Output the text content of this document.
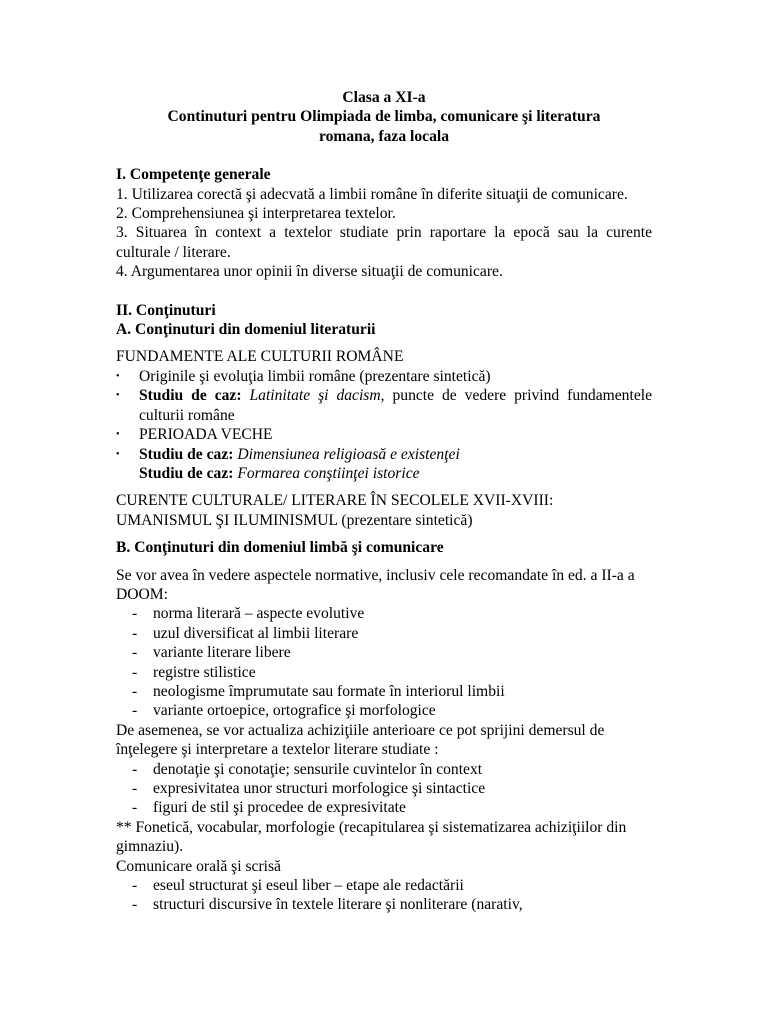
Clasa a XI-a

Continuturi pentru Olimpiada de limba, comunicare şi literatura

romana, faza locala

I. Competenţe generale

1. Utilizarea corectă şi adecvată a limbii române în diferite situaţii de comunicare.

2. Comprehensiunea şi interpretarea textelor.

3. Situarea în context a textelor studiate prin raportare la epocă sau la curente culturale / literare.

4. Argumentarea unor opinii în diverse situaţii de comunicare.

II. Conţinuturi

A. Conţinuturi din domeniul literaturii

FUNDAMENTE ALE CULTURII ROMÂNE

• Originile şi evoluţia limbii române (prezentare sintetică)
• Studiu de caz: Latinitate şi dacism, puncte de vedere privind fundamentele culturii române
• PERIOADA VECHE
• Studiu de caz: Dimensiunea religioasă e existenţei
Studiu de caz: Formarea conştiinţei istorice

CURENTE CULTURALE/ LITERARE ÎN SECOLELE XVII-XVIII: UMANISMUL ŞI ILUMINISMUL (prezentare sintetică)

B. Conţinuturi din domeniul limbă şi comunicare

Se vor avea în vedere aspectele normative, inclusiv cele recomandate în ed. a II-a a DOOM:

- norma literară – aspecte evolutive
- uzul diversificat al limbii literare
- variante literare libere
- registre stilistice
- neologisme împrumutate sau formate în interiorul limbii
- variante ortoepice, ortografice şi morfologice

De asemenea, se vor actualiza achiziţiile anterioare ce pot sprijini demersul de înţelegere şi interpretare a textelor literare studiate :

- denotaţie şi conotaţie; sensurile cuvintelor în context
- expresivitatea unor structuri morfologice şi sintactice
- figuri de stil şi procedee de expresivitate

** Fonetică, vocabular, morfologie (recapitularea şi sistematizarea achiziţiilor din gimnaziu).

Comunicare orală şi scrisă

- eseul structurat şi eseul liber – etape ale redactării
- structuri discursive în textele literare şi nonliterare (narativ,
